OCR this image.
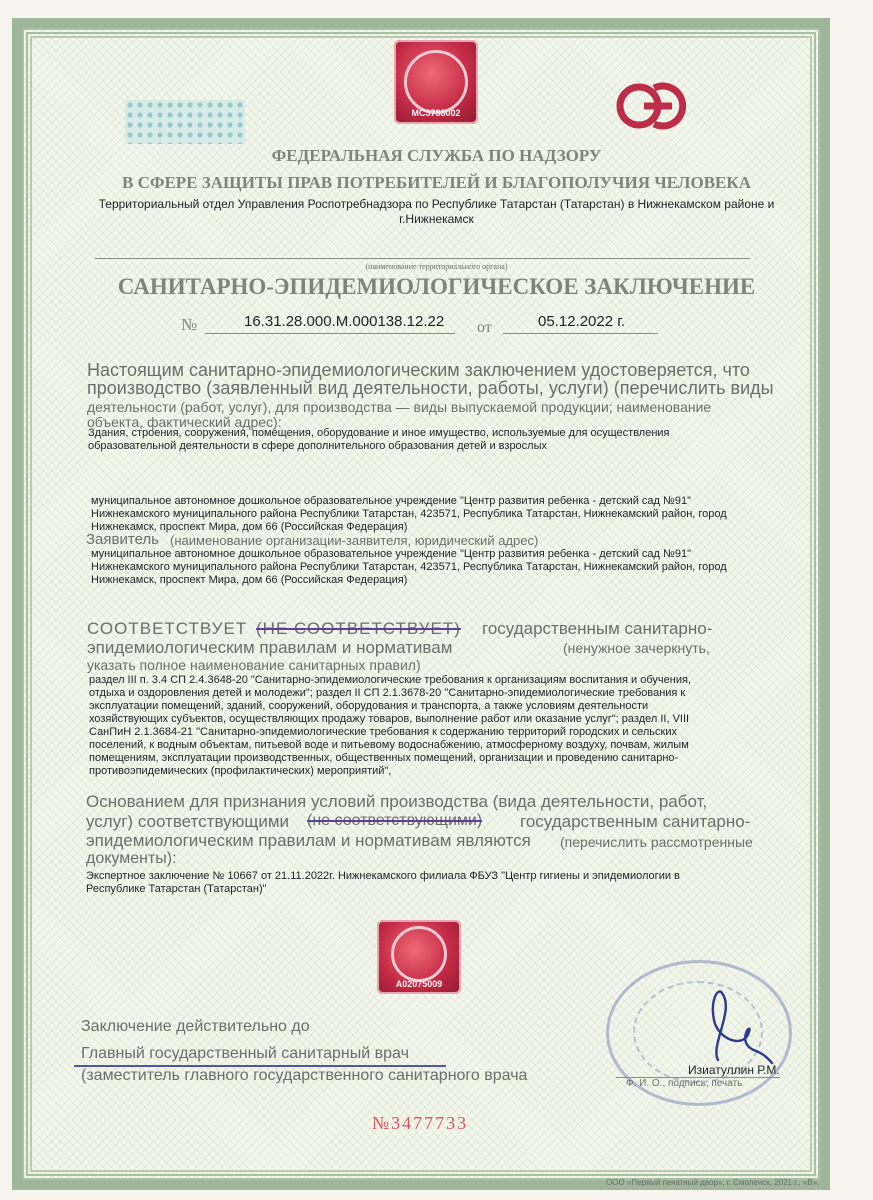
МС3738002
ФЕДЕРАЛЬНАЯ СЛУЖБА ПО НАДЗОРУ
В СФЕРЕ ЗАЩИТЫ ПРАВ ПОТРЕБИТЕЛЕЙ И БЛАГОПОЛУЧИЯ ЧЕЛОВЕКА
Территориальный отдел Управления Роспотребнадзора по Республике Татарстан (Татарстан) в Нижнекамском районе и
г.Нижнекамск
(наименование территориального органа)
САНИТАРНО-ЭПИДЕМИОЛОГИЧЕСКОЕ ЗАКЛЮЧЕНИЕ
№	16.31.28.000.М.000138.12.22 от	05.12.2022 г.
Настоящим санитарно-эпидемиологическим заключением удостоверяется, что
производство (заявленный вид деятельности, работы, услуги) (перечислить виды
деятельности (работ, услуг), для производства — виды выпускаемой продукции; наименование
объекта, фактический адрес):
Здания, строения, сооружения, помещения, оборудование и иное имущество, используемые для осуществления
образовательной деятельности в сфере дополнительного образования детей и взрослых
муниципальное автономное дошкольное образовательное учреждение "Центр развития ребенка - детский сад №91"
Нижнекамского муниципального района Республики Татарстан, 423571, Республика Татарстан, Нижнекамский район, город
Нижнекамск, проспект Мира, дом 66 (Российская Федерация)
Заявитель (наименование организации-заявителя, юридический адрес)
муниципальное автономное дошкольное образовательное учреждение "Центр развития ребенка - детский сад №91"
Нижнекамского муниципального района Республики Татарстан, 423571, Республика Татарстан, Нижнекамский район, город
Нижнекамск, проспект Мира, дом 66 (Российская Федерация)
СООТВЕТСТВУЕТ (НЕ СООТВЕТСТВУЕТ) государственным санитарно-
эпидемиологическим правилам и нормативам	(ненужное зачеркнуть,
указать полное наименование санитарных правил)
раздел III п. 3.4 СП 2.4.3648-20 "Санитарно-эпидемиологические требования к организациям воспитания и обучения,
отдыха и оздоровления детей и молодежи"; раздел II СП 2.1.3678-20 "Санитарно-эпидемиологические требования к
эксплуатации помещений, зданий, сооружений, оборудования и транспорта, а также условиям деятельности
хозяйствующих субъектов, осуществляющих продажу товаров, выполнение работ или оказание услуг"; раздел II, VIII
СанПиН 2.1.3684-21 "Санитарно-эпидемиологические требования к содержанию территорий городских и сельских
поселений, к водным объектам, питьевой воде и питьевому водоснабжению, атмосферному воздуху, почвам, жилым
помещениям, эксплуатации производственных, общественных помещений, организации и проведению санитарно-
противоэпидемических (профилактических) мероприятий",
Основанием для признания условий производства (вида деятельности, работ,
услуг) соответствующими (не соответствующими) государственным санитарно-
эпидемиологическим правилам и нормативам являются (перечислить рассмотренные
документы):
Экспертное заключение № 10667 от 21.11.2022г. Нижнекамского филиала ФБУЗ "Центр гигиены и эпидемиологии в
Республике Татарстан (Татарстан)"
А02075009
Заключение действительно до
Главный государственный санитарный врач
(заместитель главного государственного санитарного врача	Изиатуллин Р.М.
Ф. И. О., подпись, печать
№3477733
ООО «Первый печатный двор», г. Смоленск, 2021 г., «В».
